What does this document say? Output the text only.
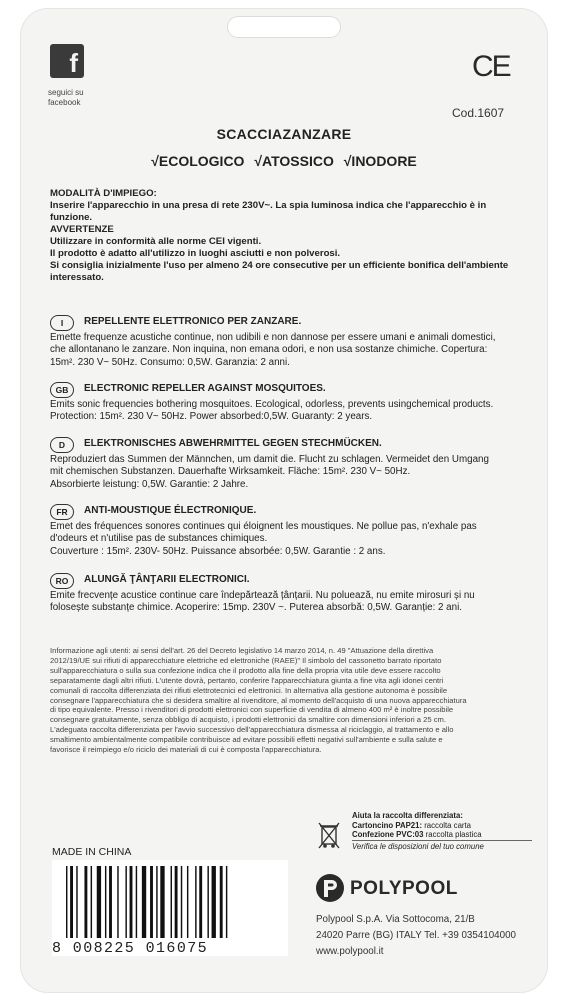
f
seguici su
facebook
CE
Cod.1607
SCACCIAZANZARE
√ECOLOGICO √ATOSSICO √INODORE
MODALITÀ D'IMPIEGO:
Inserire l'apparecchio in una presa di rete 230V~. La spia luminosa indica che l'apparecchio è in funzione.
AVVERTENZE
Utilizzare in conformità alle norme CEI vigenti.
Il prodotto è adatto all'utilizzo in luoghi asciutti e non polverosi.
Si consiglia inizialmente l'uso per almeno 24 ore consecutive per un efficiente bonifica dell'ambiente
interessato.
I	REPELLENTE ELETTRONICO PER ZANZARE.
Emette frequenze acustiche continue, non udibili e non dannose per essere umani e animali domestici,
che allontanano le zanzare. Non inquina, non emana odori, e non usa sostanze chimiche. Copertura:
15m². 230 V~ 50Hz. Consumo: 0,5W. Garanzia: 2 anni.
GB	ELECTRONIC REPELLER AGAINST MOSQUITOES.
Emits sonic frequencies bothering mosquitoes. Ecological, odorless, prevents usingchemical products.
Protection: 15m². 230 V~ 50Hz. Power absorbed:0,5W. Guaranty: 2 years.
D	ELEKTRONISCHES ABWEHRMITTEL GEGEN STECHMÜCKEN.
Reproduziert das Summen der Männchen, um damit die. Flucht zu schlagen. Vermeidet den Umgang
mit chemischen Substanzen. Dauerhafte Wirksamkeit. Fläche: 15m². 230 V~ 50Hz.
Absorbierte leistung: 0,5W. Garantie: 2 Jahre.
FR	ANTI-MOUSTIQUE ÉLECTRONIQUE.
Emet des fréquences sonores continues qui éloignent les moustiques. Ne pollue pas, n'exhale pas
d'odeurs et n'utilise pas de substances chimiques.
Couverture : 15m². 230V- 50Hz. Puissance absorbée: 0,5W. Garantie : 2 ans.
RO	ALUNGĂ ŢÂNŢARII ELECTRONICI.
Emite frecvențe acustice continue care îndepărtează țânțarii. Nu poluează, nu emite mirosuri și nu
folosește substanțe chimice. Acoperire: 15mp. 230V ~. Puterea absorbă: 0,5W. Garanție: 2 ani.
Informazione agli utenti: ai sensi dell'art. 26 del Decreto legislativo 14 marzo 2014, n. 49 "Attuazione della direttiva
2012/19/UE sui rifiuti di apparecchiature elettriche ed elettroniche (RAEE)" Il simbolo del cassonetto barrato riportato
sull'apparecchiatura o sulla sua confezione indica che il prodotto alla fine della propria vita utile deve essere raccolto
separatamente dagli altri rifiuti. L'utente dovrà, pertanto, conferire l'apparecchiatura giunta a fine vita agli idonei centri
comunali di raccolta differenziata dei rifiuti elettrotecnici ed elettronici. In alternativa alla gestione autonoma è possibile
consegnare l'apparecchiatura che si desidera smaltire al rivenditore, al momento dell'acquisto di una nuova apparecchiatura
di tipo equivalente. Presso i rivenditori di prodotti elettronici con superficie di vendita di almeno 400 m² è inoltre possibile
consegnare gratuitamente, senza obbligo di acquisto, i prodotti elettronici da smaltire con dimensioni inferiori a 25 cm.
L'adeguata raccolta differenziata per l'avvio successivo dell'apparecchiatura dismessa al riciclaggio, al trattamento e allo
smaltimento ambientalmente compatibile contribuisce ad evitare possibili effetti negativi sull'ambiente e sulla salute e
favorisce il reimpiego e/o riciclo dei materiali di cui è composta l'apparecchiatura.
Aiuta la raccolta differenziata:
Cartoncino PAP21: raccolta carta
Confezione PVC:03 raccolta plastica
Verifica le disposizioni del tuo comune
MADE IN CHINA
8 008225 016075
POLYPOOL
Polypool S.p.A. Via Sottocoma, 21/B
24020 Parre (BG) ITALY Tel. +39 0354104000
www.polypool.it
